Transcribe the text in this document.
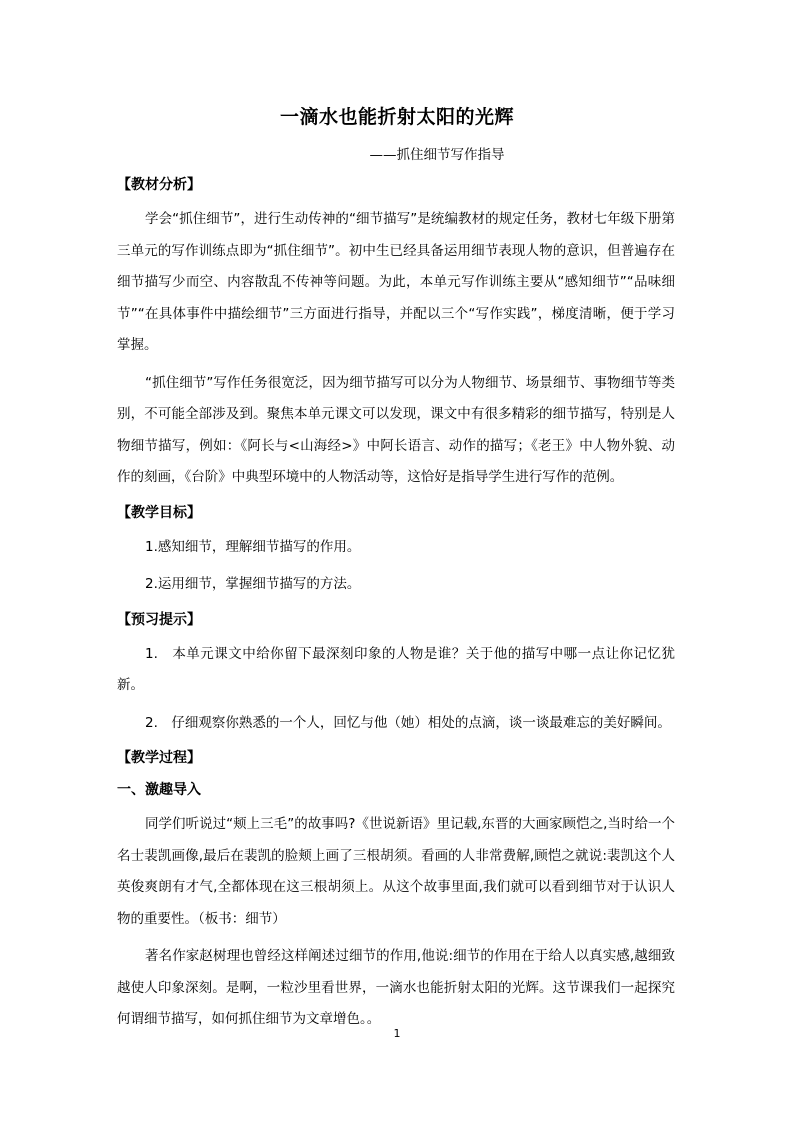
一滴水也能折射太阳的光辉
——抓住细节写作指导
【教材分析】

学会“抓住细节”，进行生动传神的“细节描写”是统编教材的规定任务，教材七年级下册第三单元的写作训练点即为“抓住细节”。初中生已经具备运用细节表现人物的意识，但普遍存在细节描写少而空、内容散乱不传神等问题。为此，本单元写作训练主要从“感知细节”“品味细节”“在具体事件中描绘细节”三方面进行指导，并配以三个“写作实践”，梯度清晰，便于学习掌握。

“抓住细节”写作任务很宽泛，因为细节描写可以分为人物细节、场景细节、事物细节等类别，不可能全部涉及到。聚焦本单元课文可以发现，课文中有很多精彩的细节描写，特别是人物细节描写，例如：《阿长与<山海经>》中阿长语言、动作的描写；《老王》中人物外貌、动作的刻画，《台阶》中典型环境中的人物活动等，这恰好是指导学生进行写作的范例。

【教学目标】

1.感知细节，理解细节描写的作用。

2.运用细节，掌握细节描写的方法。

【预习提示】

1.　本单元课文中给你留下最深刻印象的人物是谁？关于他的描写中哪一点让你记忆犹新。

2.　仔细观察你熟悉的一个人，回忆与他（她）相处的点滴，谈一谈最难忘的美好瞬间。

【教学过程】
一、激趣导入

同学们听说过“颊上三毛”的故事吗?《世说新语》里记载,东晋的大画家顾恺之,当时给一个名士裴凯画像,最后在裴凯的脸颊上画了三根胡须。看画的人非常费解,顾恺之就说:裴凯这个人英俊爽朗有才气,全都体现在这三根胡须上。从这个故事里面,我们就可以看到细节对于认识人物的重要性。（板书：细节）

著名作家赵树理也曾经这样阐述过细节的作用,他说:细节的作用在于给人以真实感,越细致越使人印象深刻。是啊，一粒沙里看世界，一滴水也能折射太阳的光辉。这节课我们一起探究何谓细节描写，如何抓住细节为文章增色。。

1
